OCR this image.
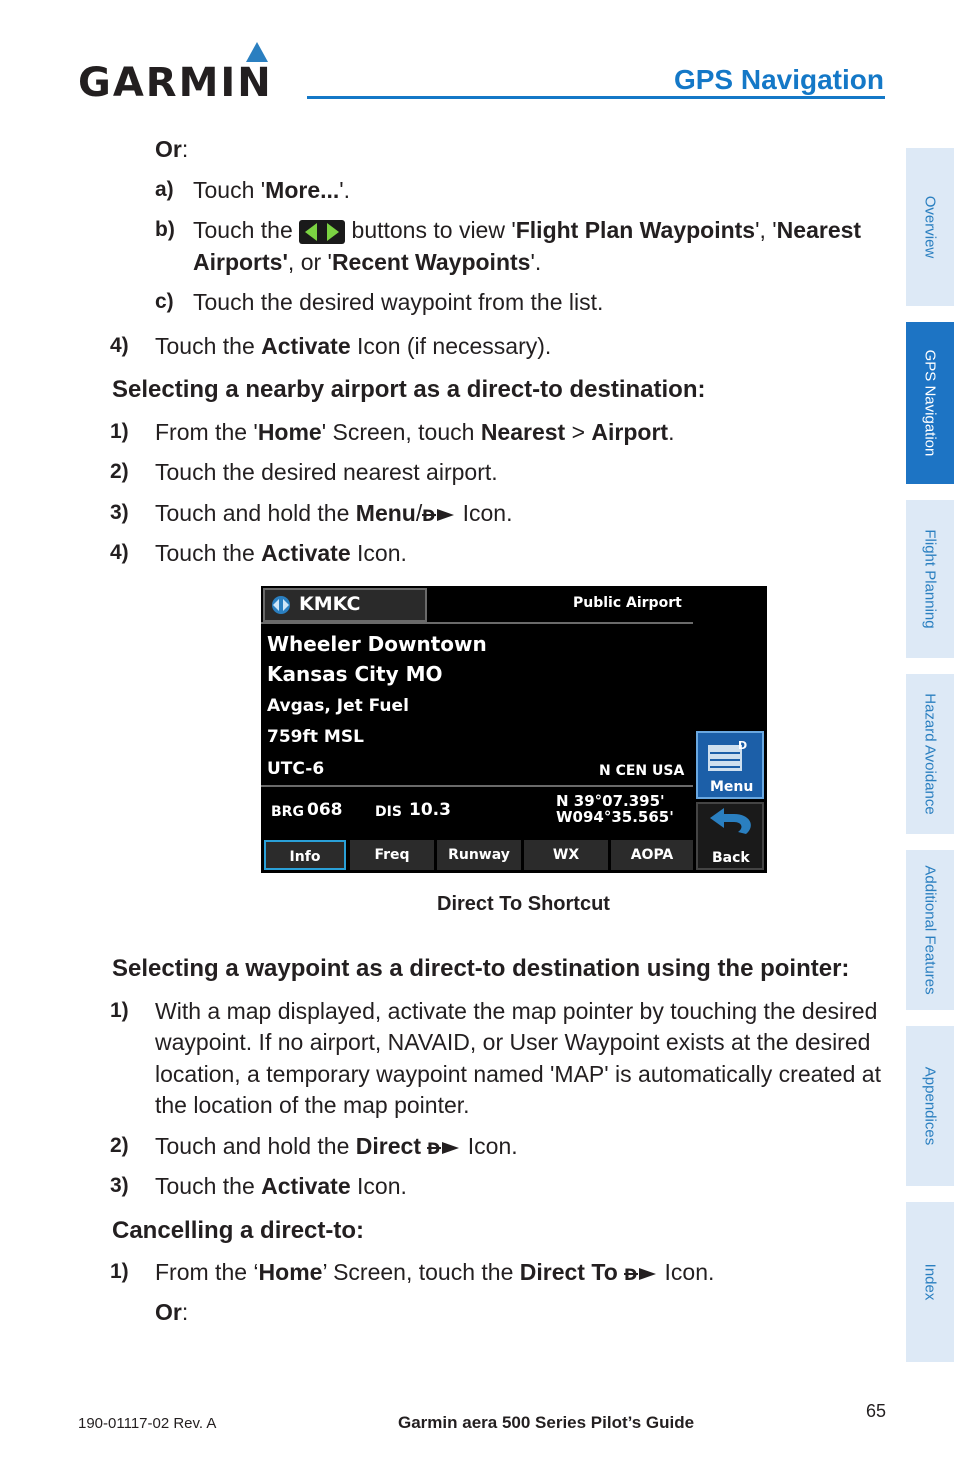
GARMIN	GPS Navigation
Overview
GPS Navigation
Flight Planning
Hazard Avoidance
Additional Features
Appendices
Index
Or:
a) Touch 'More...'.
b) Touch the	buttons to view 'Flight Plan Waypoints', 'Nearest
Airports', or 'Recent Waypoints'.
c) Touch the desired waypoint from the list.
4) Touch the Activate Icon (if necessary).
Selecting a nearby airport as a direct-to destination:
1) From the 'Home' Screen, touch Nearest > Airport.
2) Touch the desired nearest airport.
3) Touch and hold the Menu/ D Icon.
4) Touch the Activate Icon.
KMKC	Public Airport
Wheeler Downtown
Kansas City MO
Avgas, Jet Fuel
759ft MSL
UTC-6	N CEN USA
BRG 068 DIS 10.3	N 39°07.395'
W094°35.565'
D
Menu
Back
Info	Freq	Runway	WX	AOPA
Direct To Shortcut
Selecting a waypoint as a direct-to destination using the pointer:
1) With a map displayed, activate the map pointer by touching the desired
waypoint. If no airport, NAVAID, or User Waypoint exists at the desired
location, a temporary waypoint named 'MAP' is automatically created at
the location of the map pointer.
2) Touch and hold the Direct D Icon.
3) Touch the Activate Icon.
Cancelling a direct-to:
1) From the ‘Home’ Screen, touch the Direct To D Icon.
Or:
190-01117-02 Rev. A	Garmin aera 500 Series Pilot’s Guide
65
